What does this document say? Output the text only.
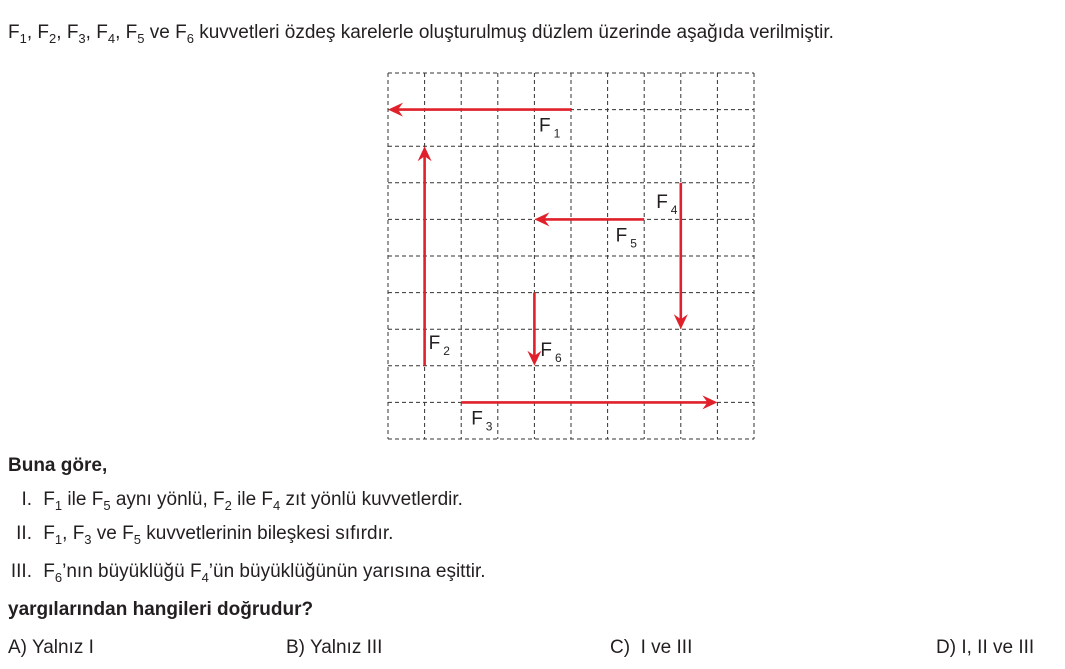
$F_1$, $F_2$, $F_3$, $F_4$, $F_5$ ve $F_6$ kuvvetleri özdeş karelerle oluşturulmuş düzlem üzerinde aşağıda verilmiştir.
F $_1$
F $_2$
F $_3$
F $_4$
F $_5$
F $_6$
Buna göre,
I. $F_1$ ile $F_5$ aynı yönlü, $F_2$ ile $F_4$ zıt yönlü kuvvetlerdir.
II. $F_1$, $F_3$ ve $F_5$ kuvvetlerinin bileşkesi sıfırdır.
III. $F_6’nın$ büyüklüğü $F_4’ün$ büyüklüğünün yarısına eşittir.
yargılarından hangileri doğrudur?
A) Yalnız I	B) Yalnız III	C)  I ve III	D) I, II ve III
